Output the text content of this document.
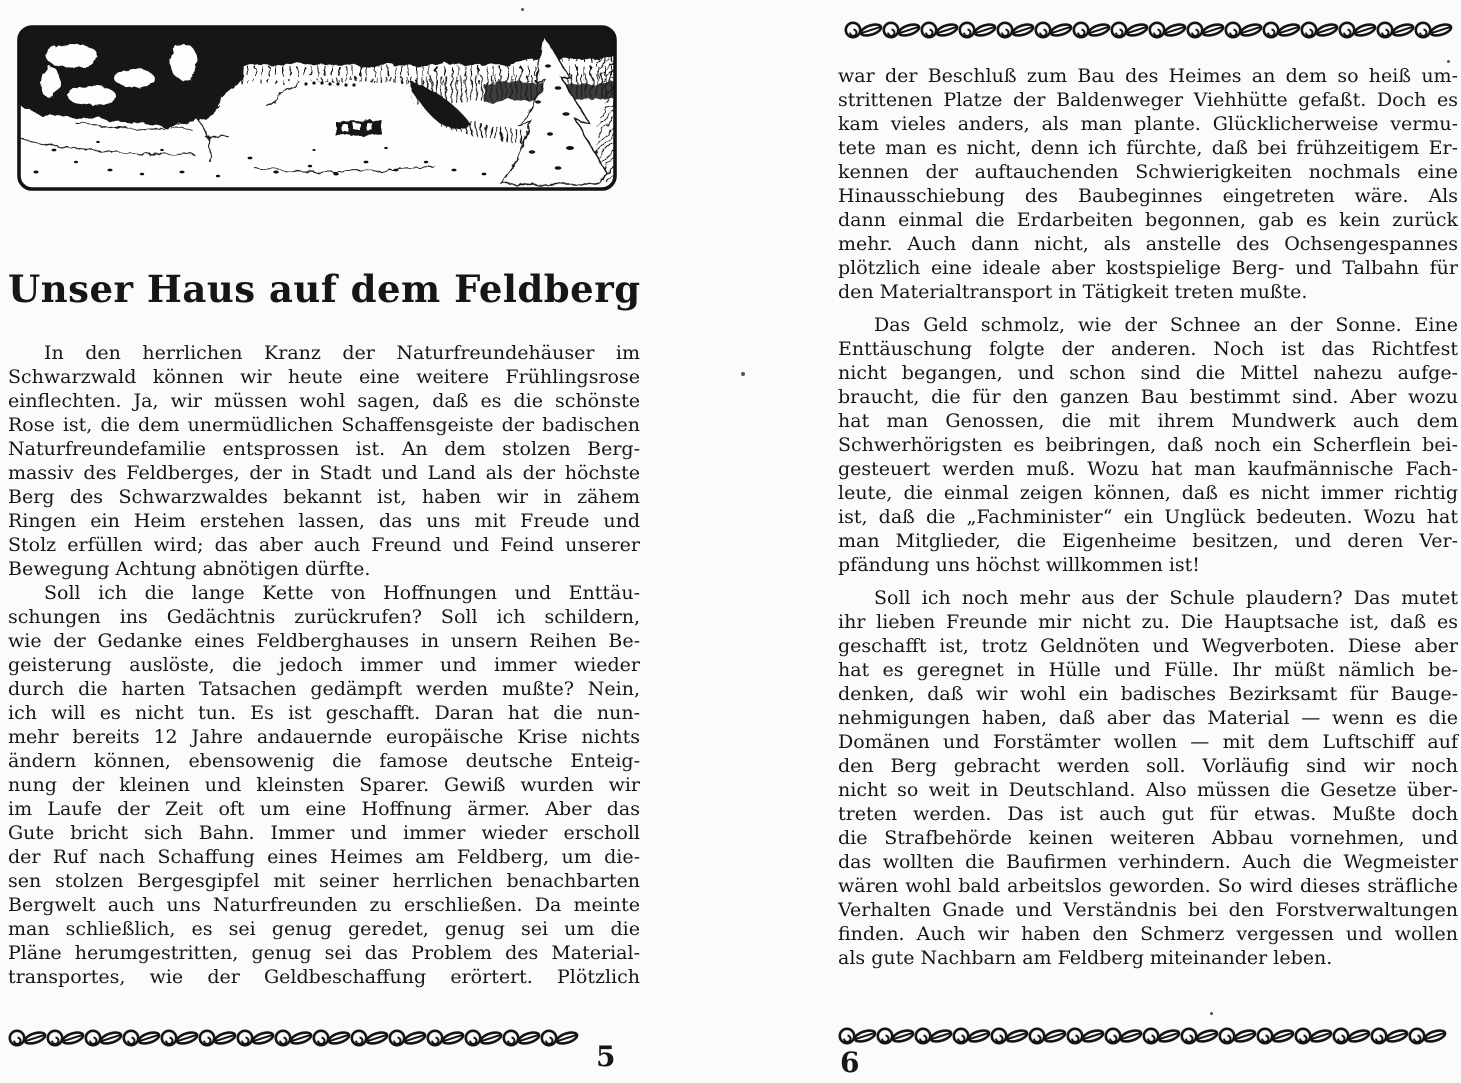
Unser Haus auf dem Feldberg
In den herrlichen Kranz der Naturfreundehäuser im
Schwarzwald können wir heute eine weitere Frühlingsrose
einflechten. Ja, wir müssen wohl sagen, daß es die schönste
Rose ist, die dem unermüdlichen Schaffensgeiste der badischen
Naturfreundefamilie entsprossen ist. An dem stolzen Berg-
massiv des Feldberges, der in Stadt und Land als der höchste
Berg des Schwarzwaldes bekannt ist, haben wir in zähem
Ringen ein Heim erstehen lassen, das uns mit Freude und
Stolz erfüllen wird; das aber auch Freund und Feind unserer
Bewegung Achtung abnötigen dürfte.
Soll ich die lange Kette von Hoffnungen und Enttäu-
schungen ins Gedächtnis zurückrufen? Soll ich schildern,
wie der Gedanke eines Feldberghauses in unsern Reihen Be-
geisterung auslöste, die jedoch immer und immer wieder
durch die harten Tatsachen gedämpft werden mußte? Nein,
ich will es nicht tun. Es ist geschafft. Daran hat die nun-
mehr bereits 12 Jahre andauernde europäische Krise nichts
ändern können, ebensowenig die famose deutsche Enteig-
nung der kleinen und kleinsten Sparer. Gewiß wurden wir
im Laufe der Zeit oft um eine Hoffnung ärmer. Aber das
Gute bricht sich Bahn. Immer und immer wieder erscholl
der Ruf nach Schaffung eines Heimes am Feldberg, um die-
sen stolzen Bergesgipfel mit seiner herrlichen benachbarten
Bergwelt auch uns Naturfreunden zu erschließen. Da meinte
man schließlich, es sei genug geredet, genug sei um die
Pläne herumgestritten, genug sei das Problem des Material-
transportes, wie der Geldbeschaffung erörtert. Plötzlich
5
war der Beschluß zum Bau des Heimes an dem so heiß um-
strittenen Platze der Baldenweger Viehhütte gefaßt. Doch es
kam vieles anders, als man plante. Glücklicherweise vermu-
tete man es nicht, denn ich fürchte, daß bei frühzeitigem Er-
kennen der auftauchenden Schwierigkeiten nochmals eine
Hinausschiebung des Baubeginnes eingetreten wäre. Als
dann einmal die Erdarbeiten begonnen, gab es kein zurück
mehr. Auch dann nicht, als anstelle des Ochsengespannes
plötzlich eine ideale aber kostspielige Berg- und Talbahn für
den Materialtransport in Tätigkeit treten mußte.
Das Geld schmolz, wie der Schnee an der Sonne. Eine
Enttäuschung folgte der anderen. Noch ist das Richtfest
nicht begangen, und schon sind die Mittel nahezu aufge-
braucht, die für den ganzen Bau bestimmt sind. Aber wozu
hat man Genossen, die mit ihrem Mundwerk auch dem
Schwerhörigsten es beibringen, daß noch ein Scherflein bei-
gesteuert werden muß. Wozu hat man kaufmännische Fach-
leute, die einmal zeigen können, daß es nicht immer richtig
ist, daß die „Fachminister“ ein Unglück bedeuten. Wozu hat
man Mitglieder, die Eigenheime besitzen, und deren Ver-
pfändung uns höchst willkommen ist!
Soll ich noch mehr aus der Schule plaudern? Das mutet
ihr lieben Freunde mir nicht zu. Die Hauptsache ist, daß es
geschafft ist, trotz Geldnöten und Wegverboten. Diese aber
hat es geregnet in Hülle und Fülle. Ihr müßt nämlich be-
denken, daß wir wohl ein badisches Bezirksamt für Bauge-
nehmigungen haben, daß aber das Material — wenn es die
Domänen und Forstämter wollen — mit dem Luftschiff auf
den Berg gebracht werden soll. Vorläufig sind wir noch
nicht so weit in Deutschland. Also müssen die Gesetze über-
treten werden. Das ist auch gut für etwas. Mußte doch
die Strafbehörde keinen weiteren Abbau vornehmen, und
das wollten die Baufirmen verhindern. Auch die Wegmeister
wären wohl bald arbeitslos geworden. So wird dieses sträfliche
Verhalten Gnade und Verständnis bei den Forstverwaltungen
finden. Auch wir haben den Schmerz vergessen und wollen
als gute Nachbarn am Feldberg miteinander leben.
6
